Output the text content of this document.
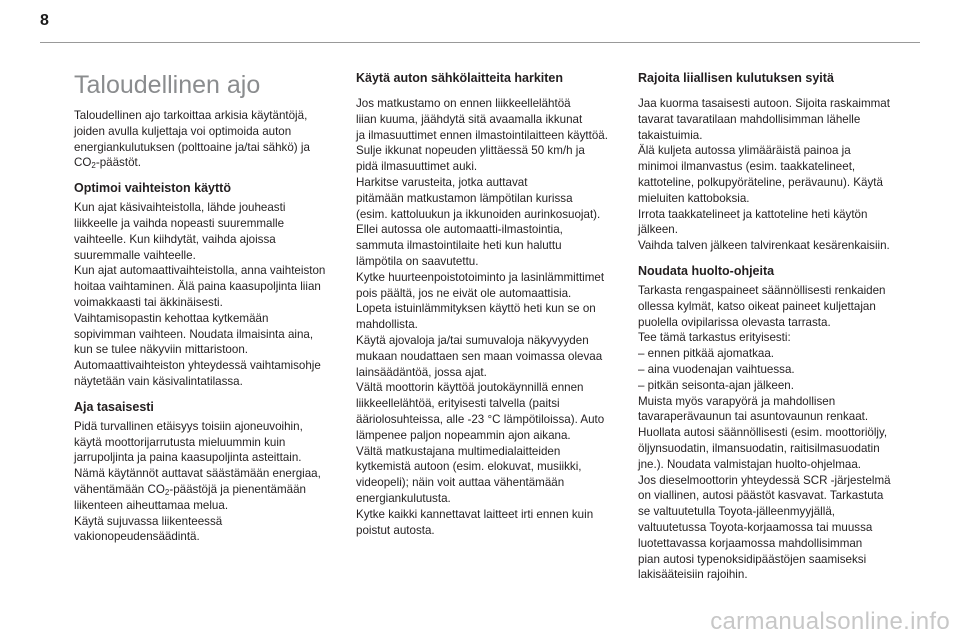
8
Taloudellinen ajo

Taloudellinen ajo tarkoittaa arkisia käytäntöjä,
joiden avulla kuljettaja voi optimoida auton
energiankulutuksen (polttoaine ja/tai sähkö) ja
$CO_2$-päästöt.

Optimoi vaihteiston käyttö

Kun ajat käsivaihteistolla, lähde jouheasti
liikkeelle ja vaihda nopeasti suuremmalle
vaihteelle. Kun kiihdytät, vaihda ajoissa
suuremmalle vaihteelle.
Kun ajat automaattivaihteistolla, anna vaihteiston
hoitaa vaihtaminen. Älä paina kaasupoljinta liian
voimakkaasti tai äkkinäisesti.
Vaihtamisopastin kehottaa kytkemään
sopivimman vaihteen. Noudata ilmaisinta aina,
kun se tulee näkyviin mittaristoon.
Automaattivaihteiston yhteydessä vaihtamisohje
näytetään vain käsivalintatilassa.

Aja tasaisesti

Pidä turvallinen etäisyys toisiin ajoneuvoihin,
käytä moottorijarrutusta mieluummin kuin
jarrupoljinta ja paina kaasupoljinta asteittain.
Nämä käytännöt auttavat säästämään energiaa,
vähentämään $CO_2$-päästöjä ja pienentämään
liikenteen aiheuttamaa melua.
Käytä sujuvassa liikenteessä
vakionopeudensäädintä.

Käytä auton sähkölaitteita harkiten

Jos matkustamo on ennen liikkeellelähtöä
liian kuuma, jäähdytä sitä avaamalla ikkunat
ja ilmasuuttimet ennen ilmastointilaitteen käyttöä.
Sulje ikkunat nopeuden ylittäessä 50 km/h ja
pidä ilmasuuttimet auki.
Harkitse varusteita, jotka auttavat
pitämään matkustamon lämpötilan kurissa
(esim. kattoluukun ja ikkunoiden aurinkosuojat).
Ellei autossa ole automaatti-ilmastointia,
sammuta ilmastointilaite heti kun haluttu
lämpötila on saavutettu.
Kytke huurteenpoistotoiminto ja lasinlämmittimet
pois päältä, jos ne eivät ole automaattisia.
Lopeta istuinlämmityksen käyttö heti kun se on
mahdollista.
Käytä ajovaloja ja/tai sumuvaloja näkyvyyden
mukaan noudattaen sen maan voimassa olevaa
lainsäädäntöä, jossa ajat.
Vältä moottorin käyttöä joutokäynnillä ennen
liikkeellelähtöä, erityisesti talvella (paitsi
ääriolosuhteissa, alle -23 °C lämpötiloissa). Auto
lämpenee paljon nopeammin ajon aikana.
Vältä matkustajana multimedialaitteiden
kytkemistä autoon (esim. elokuvat, musiikki,
videopeli); näin voit auttaa vähentämään
energiankulutusta.
Kytke kaikki kannettavat laitteet irti ennen kuin
poistut autosta.

Rajoita liiallisen kulutuksen syitä

Jaa kuorma tasaisesti autoon. Sijoita raskaimmat
tavarat tavaratilaan mahdollisimman lähelle
takaistuimia.
Älä kuljeta autossa ylimääräistä painoa ja
minimoi ilmanvastus (esim. taakkatelineet,
kattoteline, polkupyöräteline, perävaunu). Käytä
mieluiten kattoboksia.
Irrota taakkatelineet ja kattoteline heti käytön
jälkeen.
Vaihda talven jälkeen talvirenkaat kesärenkaisiin.

Noudata huolto-ohjeita

Tarkasta rengaspaineet säännöllisesti renkaiden
ollessa kylmät, katso oikeat paineet kuljettajan
puolella ovipilarissa olevasta tarrasta.
Tee tämä tarkastus erityisesti:
– ennen pitkää ajomatkaa.
– aina vuodenajan vaihtuessa.
– pitkän seisonta-ajan jälkeen.
Muista myös varapyörä ja mahdollisen
tavaraperävaunun tai asuntovaunun renkaat.
Huollata autosi säännöllisesti (esim. moottoriöljy,
öljynsuodatin, ilmansuodatin, raitisilmasuodatin
jne.). Noudata valmistajan huolto-ohjelmaa.
Jos dieselmoottorin yhteydessä SCR -järjestelmä
on viallinen, autosi päästöt kasvavat. Tarkastuta
se valtuutetulla Toyota-jälleenmyyjällä,
valtuutetussa Toyota-korjaamossa tai muussa
luotettavassa korjaamossa mahdollisimman
pian autosi typenoksidipäästöjen saamiseksi
lakisääteisiin rajoihin.

carmanualsonline.info
